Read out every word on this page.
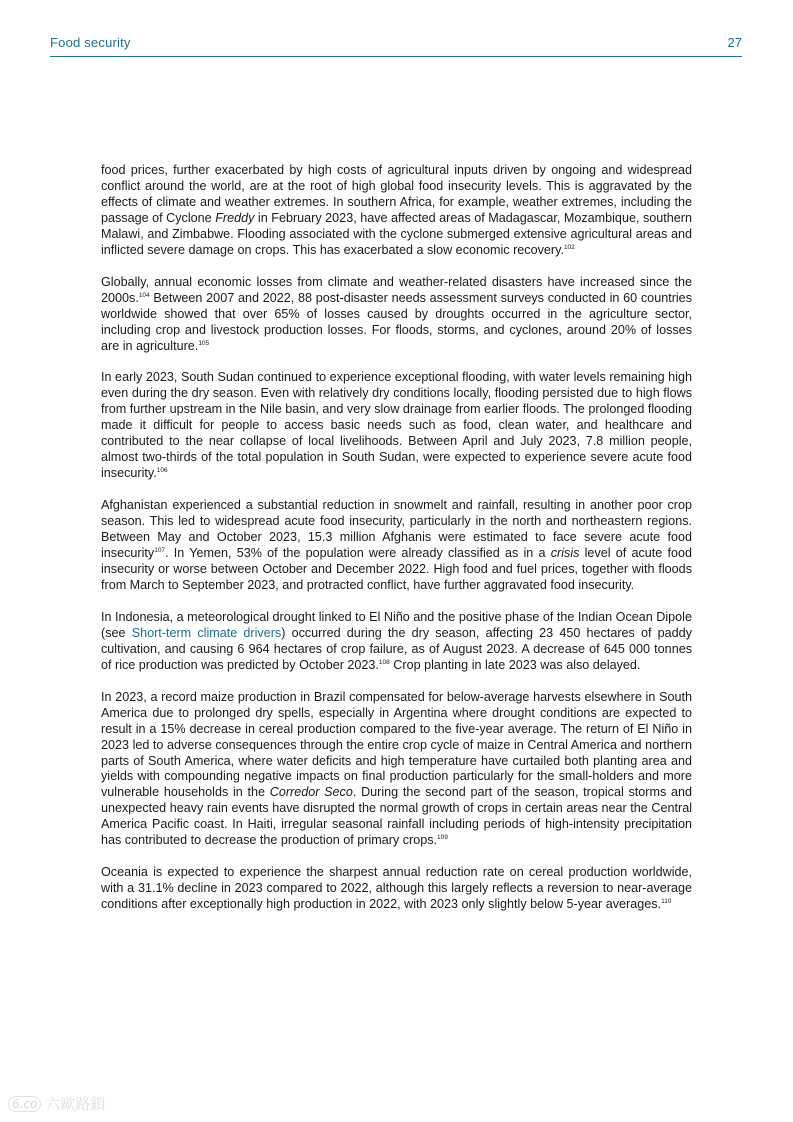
Food security	27

food prices, further exacerbated by high costs of agricultural inputs driven by ongoing and widespread conflict around the world, are at the root of high global food insecurity levels. This is aggravated by the effects of climate and weather extremes. In southern Africa, for example, weather extremes, including the passage of Cyclone Freddy in February 2023, have affected areas of Madagascar, Mozambique, southern Malawi, and Zimbabwe. Flooding associated with the cyclone submerged extensive agricultural areas and inflicted severe damage on crops. This has exacerbated a slow economic recovery.$^{102}$

Globally, annual economic losses from climate and weather-related disasters have increased since the 2000s.$^{104}$ Between 2007 and 2022, 88 post-disaster needs assessment surveys conducted in 60 countries worldwide showed that over 65% of losses caused by droughts occurred in the agriculture sector, including crop and livestock production losses. For floods, storms, and cyclones, around 20% of losses are in agriculture.$^{105}$

In early 2023, South Sudan continued to experience exceptional flooding, with water levels remaining high even during the dry season. Even with relatively dry conditions locally, flooding persisted due to high flows from further upstream in the Nile basin, and very slow drainage from earlier floods. The prolonged flooding made it difficult for people to access basic needs such as food, clean water, and healthcare and contributed to the near collapse of local livelihoods. Between April and July 2023, 7.8 million people, almost two-thirds of the total population in South Sudan, were expected to experience severe acute food insecurity.$^{106}$

Afghanistan experienced a substantial reduction in snowmelt and rainfall, resulting in another poor crop season. This led to widespread acute food insecurity, particularly in the north and northeastern regions. Between May and October 2023, 15.3 million Afghanis were estimated to face severe acute food insecurity$^{107}$. In Yemen, 53% of the population were already classified as in a crisis level of acute food insecurity or worse between October and December 2022. High food and fuel prices, together with floods from March to September 2023, and protracted conflict, have further aggravated food insecurity.

In Indonesia, a meteorological drought linked to El Niño and the positive phase of the Indian Ocean Dipole (see Short-term climate drivers) occurred during the dry season, affecting 23 450 hectares of paddy cultivation, and causing 6 964 hectares of crop failure, as of August 2023. A decrease of 645 000 tonnes of rice production was predicted by October 2023.$^{108}$ Crop planting in late 2023 was also delayed.

In 2023, a record maize production in Brazil compensated for below-average harvests elsewhere in South America due to prolonged dry spells, especially in Argentina where drought conditions are expected to result in a 15% decrease in cereal production compared to the five-year average. The return of El Niño in 2023 led to adverse consequences through the entire crop cycle of maize in Central America and northern parts of South America, where water deficits and high temperature have curtailed both planting area and yields with compounding negative impacts on final production particularly for the small-holders and more vulnerable households in the Corredor Seco. During the second part of the season, tropical storms and unexpected heavy rain events have disrupted the normal growth of crops in certain areas near the Central America Pacific coast. In Haiti, irregular seasonal rainfall including periods of high-intensity precipitation has contributed to decrease the production of primary crops.$^{109}$

Oceania is expected to experience the sharpest annual reduction rate on cereal production worldwide, with a 31.1% decline in 2023 compared to 2022, although this largely reflects a reversion to near-average conditions after exceptionally high production in 2022, with 2023 only slightly below 5-year averages.$^{110}$

6.co 六歐路鎖
